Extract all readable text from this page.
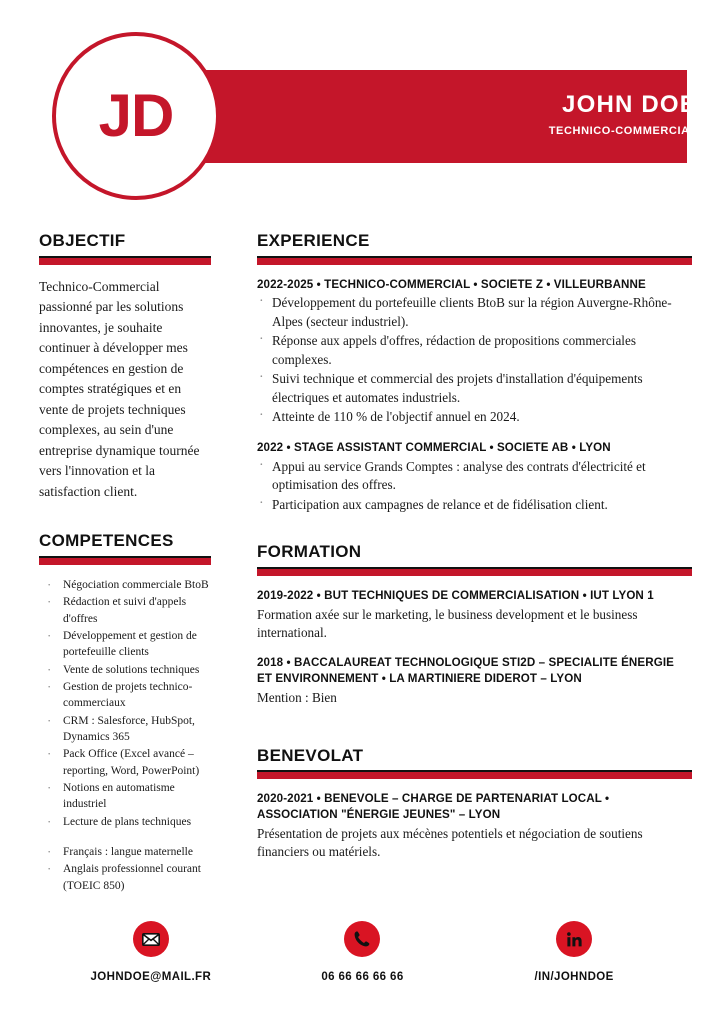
JD	JOHN DOE
TECHNICO-COMMERCIAL
OBJECTIF

Technico-Commercial passionné par les solutions innovantes, je souhaite continuer à développer mes compétences en gestion de comptes stratégiques et en vente de projets techniques complexes, au sein d'une entreprise dynamique tournée vers l'innovation et la satisfaction client.

COMPETENCES
· Négociation commerciale BtoB
· Rédaction et suivi d'appels d'offres
· Développement et gestion de portefeuille clients
· Vente de solutions techniques
· Gestion de projets technico-commerciaux
· CRM : Salesforce, HubSpot, Dynamics 365
· Pack Office (Excel avancé – reporting, Word, PowerPoint)
· Notions en automatisme industriel
· Lecture de plans techniques
· Français : langue maternelle
· Anglais professionnel courant (TOEIC 850)
EXPERIENCE
2022-2025 • TECHNICO-COMMERCIAL • SOCIETE Z • VILLEURBANNE
· Développement du portefeuille clients BtoB sur la région Auvergne-Rhône-Alpes (secteur industriel).
· Réponse aux appels d'offres, rédaction de propositions commerciales complexes.
· Suivi technique et commercial des projets d'installation d'équipements électriques et automates industriels.
· Atteinte de 110 % de l'objectif annuel en 2024.
2022 • STAGE ASSISTANT COMMERCIAL • SOCIETE AB • LYON
· Appui au service Grands Comptes : analyse des contrats d'électricité et optimisation des offres.
· Participation aux campagnes de relance et de fidélisation client.
FORMATION
2019-2022 • BUT TECHNIQUES DE COMMERCIALISATION • IUT LYON 1

Formation axée sur le marketing, le business development et le business international.

2018 • BACCALAUREAT TECHNOLOGIQUE STI2D – SPECIALITE ÉNERGIE ET ENVIRONNEMENT • LA MARTINIERE DIDEROT – LYON

Mention : Bien

BENEVOLAT
2020-2021 • BENEVOLE – CHARGE DE PARTENARIAT LOCAL • ASSOCIATION "ÉNERGIE JEUNES" – LYON

Présentation de projets aux mécènes potentiels et négociation de soutiens financiers ou matériels.

JOHNDOE@MAIL.FR	06 66 66 66 66	/IN/JOHNDOE
